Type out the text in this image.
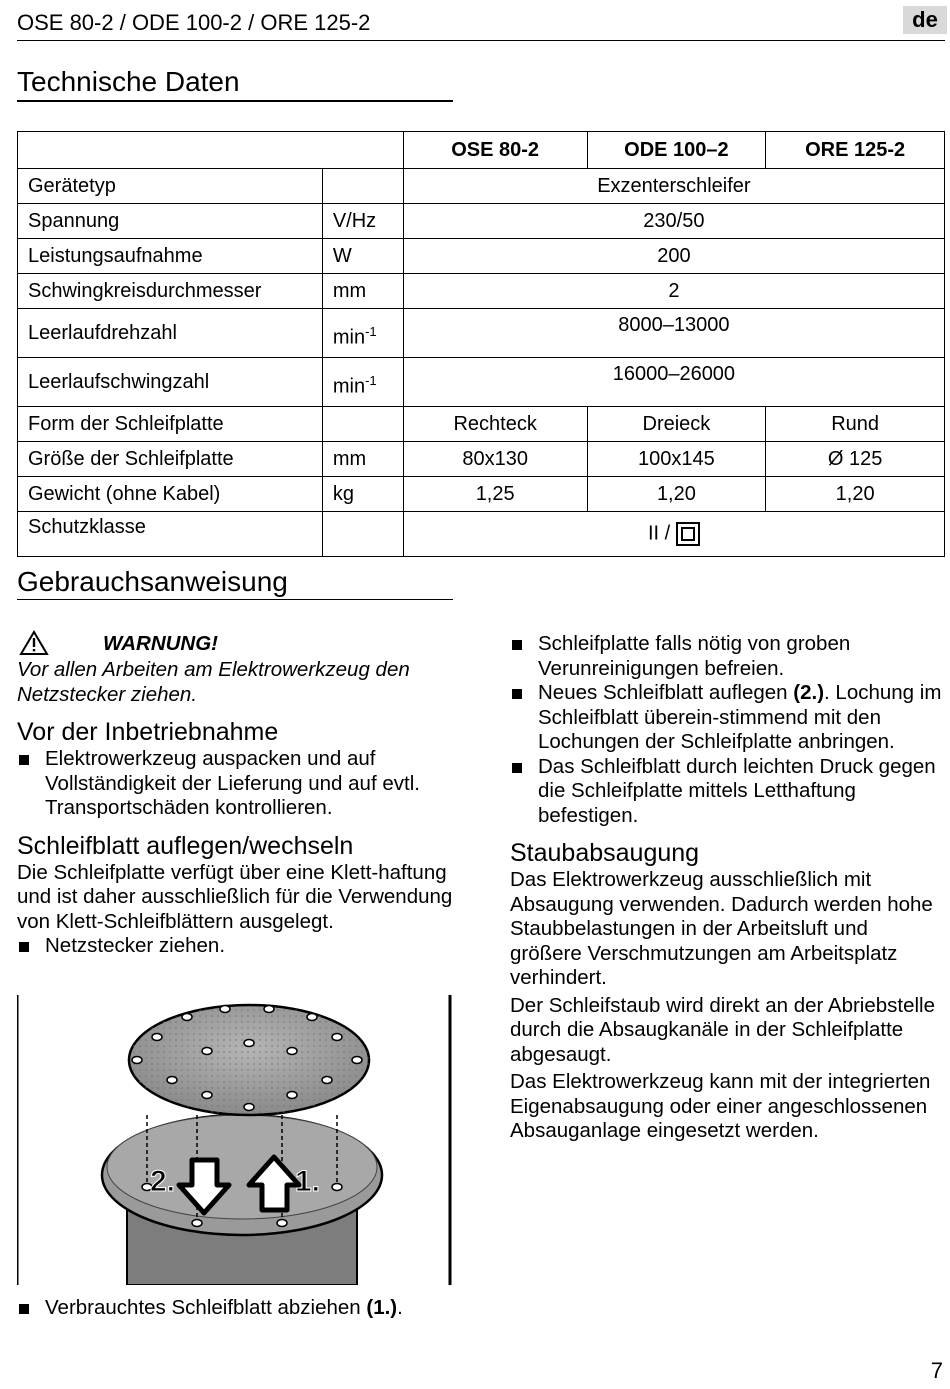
OSE 80-2 / ODE 100-2 / ORE 125-2	de
Technische Daten
		OSE 80-2	ODE 100–2	ORE 125-2
Gerätetyp		Exzenterschleifer		
Spannung	V/Hz	230/50		
Leistungsaufnahme	W	200		
Schwingkreisdurchmesser	mm	2		
Leerlaufdrehzahl	$\min^{-1}$	8000–13000		
Leerlaufschwingzahl	$\min^{-1}$	16000–26000		
Form der Schleifplatte		Rechteck	Dreieck	Rund
Größe der Schleifplatte	mm	80x130	100x145	Ø 125
Gewicht (ohne Kabel)	kg	1,25	1,20	1,20
Schutzklasse		II /		
Gebrauchsanweisung
WARNUNG!

Vor allen Arbeiten am Elektrowerkzeug den Netzstecker ziehen.

Vor der Inbetriebnahme
Elektrowerkzeug auspacken und auf Vollständigkeit der Lieferung und auf evtl. Transportschäden kontrollieren.
Schleifblatt auflegen/wechseln

Die Schleifplatte verfügt über eine Klett-haftung und ist daher ausschließlich für die Verwendung von Klett-Schleifblättern ausgelegt.

Netzstecker ziehen.
2.	1.
Verbrauchtes Schleifblatt abziehen (1.).
Schleifplatte falls nötig von groben Verunreinigungen befreien.
Neues Schleifblatt auflegen (2.). Lochung im Schleifblatt überein-stimmend mit den Lochungen der Schleifplatte anbringen.
Das Schleifblatt durch leichten Druck gegen die Schleifplatte mittels Letthaftung befestigen.
Staubabsaugung

Das Elektrowerkzeug ausschließlich mit Absaugung verwenden. Dadurch werden hohe Staubbelastungen in der Arbeitsluft und größere Verschmutzungen am Arbeitsplatz verhindert.

Der Schleifstaub wird direkt an der Abriebstelle durch die Absaugkanäle in der Schleifplatte abgesaugt.

Das Elektrowerkzeug kann mit der integrierten Eigenabsaugung oder einer angeschlossenen Absauganlage eingesetzt werden.

7
